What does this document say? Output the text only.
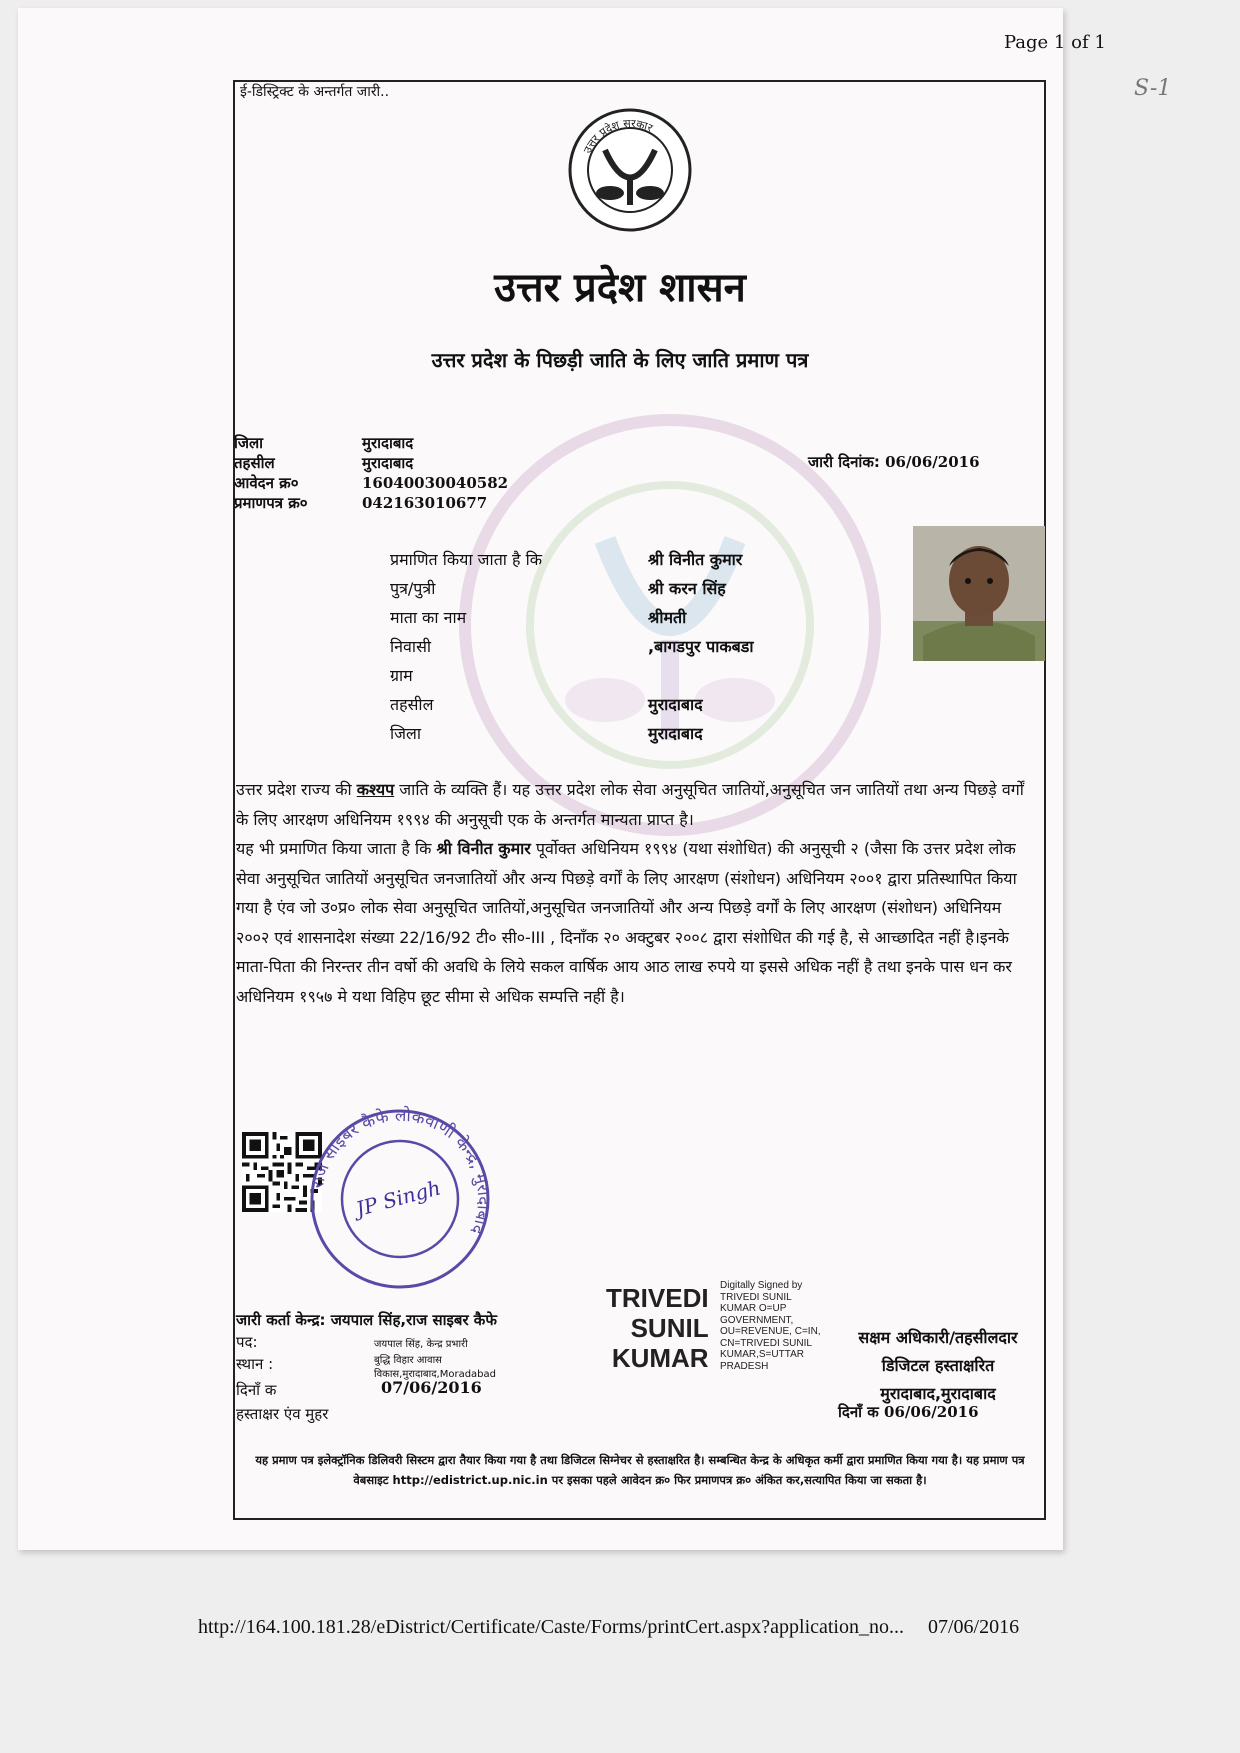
Page 1 of 1
S-1
ई-डिस्ट्रिक्ट के अन्तर्गत जारी..
उत्तर प्रदेश सरकार
उत्तर प्रदेश शासन
उत्तर प्रदेश के पिछड़ी जाति के लिए जाति प्रमाण पत्र
जिला	मुरादाबाद
तहसील	मुरादाबाद
आवेदन क्र०	16040030040582
प्रमाणपत्र क्र०	042163010677
जारी दिनांक: 06/06/2016
प्रमाणित किया जाता है कि	श्री विनीत कुमार
पुत्र/पुत्री	श्री करन सिंह
माता का नाम	श्रीमती
निवासी	,बागडपुर पाकबडा
ग्राम
तहसील	मुरादाबाद
जिला	मुरादाबाद

उत्तर प्रदेश राज्य की कश्यप जाति के व्यक्ति हैं। यह उत्तर प्रदेश लोक सेवा अनुसूचित जातियों,अनुसूचित जन जातियों तथा अन्य पिछड़े वर्गों के लिए आरक्षण अधिनियम १९९४ की अनुसूची एक के अन्तर्गत मान्यता प्राप्त है।

यह भी प्रमाणित किया जाता है कि श्री विनीत कुमार पूर्वोक्त अधिनियम १९९४ (यथा संशोधित) की अनुसूची २ (जैसा कि उत्तर प्रदेश लोक सेवा अनुसूचित जातियों अनुसूचित जनजातियों और अन्य पिछड़े वर्गों के लिए आरक्षण (संशोधन) अधिनियम २००१ द्वारा प्रतिस्थापित किया गया है एंव जो उ०प्र० लोक सेवा अनुसूचित जातियों,अनुसूचित जनजातियों और अन्य पिछड़े वर्गों के लिए आरक्षण (संशोधन) अधिनियम २००२ एवं शासनादेश संख्या 22/16/92 टी० सी०-III , दिनाँक २० अक्टुबर २००८ द्वारा संशोधित की गई है, से आच्छादित नहीं है।इनके माता-पिता की निरन्तर तीन वर्षो की अवधि के लिये सकल वार्षिक आय आठ लाख रुपये या इससे अधिक नहीं है तथा इनके पास धन कर अधिनियम १९५७ मे यथा विहिप छूट सीमा से अधिक सम्पत्ति नहीं है।

राज साइबर कैफे लोकवाणी केन्द्र, मुरादाबाद
JP Singh
जारी कर्ता केन्द्र: जयपाल सिंह,राज साइबर कैफे
पद:	जयपाल सिंह, केन्द्र प्रभारी
स्थान :	बुद्धि विहार आवास
विकास,मुरादाबाद,Moradabad
दिनाँ क	07/06/2016
हस्ताक्षर एंव मुहर
TRIVEDI
SUNIL
KUMAR
Digitally Signed by
TRIVEDI SUNIL
KUMAR O=UP
GOVERNMENT,
OU=REVENUE, C=IN,
CN=TRIVEDI SUNIL
KUMAR,S=UTTAR
PRADESH
सक्षम अधिकारी/तहसीलदार
डिजिटल हस्ताक्षरित
मुरादाबाद,मुरादाबाद
दिनाँ क 06/06/2016
यह प्रमाण पत्र इलेक्ट्रॉनिक डिलिवरी सिस्टम द्वारा तैयार किया गया है तथा डिजिटल सिग्नेचर से हस्ताक्षरित है। सम्बन्धित केन्द्र के अधिकृत कर्मी द्वारा प्रमाणित किया गया है। यह प्रमाण पत्र वेबसाइट http://edistrict.up.nic.in पर इसका पहले आवेदन क्र० फिर प्रमाणपत्र क्र० अंकित कर,सत्यापित किया जा सकता है।
http://164.100.181.28/eDistrict/Certificate/Caste/Forms/printCert.aspx?application_no... 07/06/2016
